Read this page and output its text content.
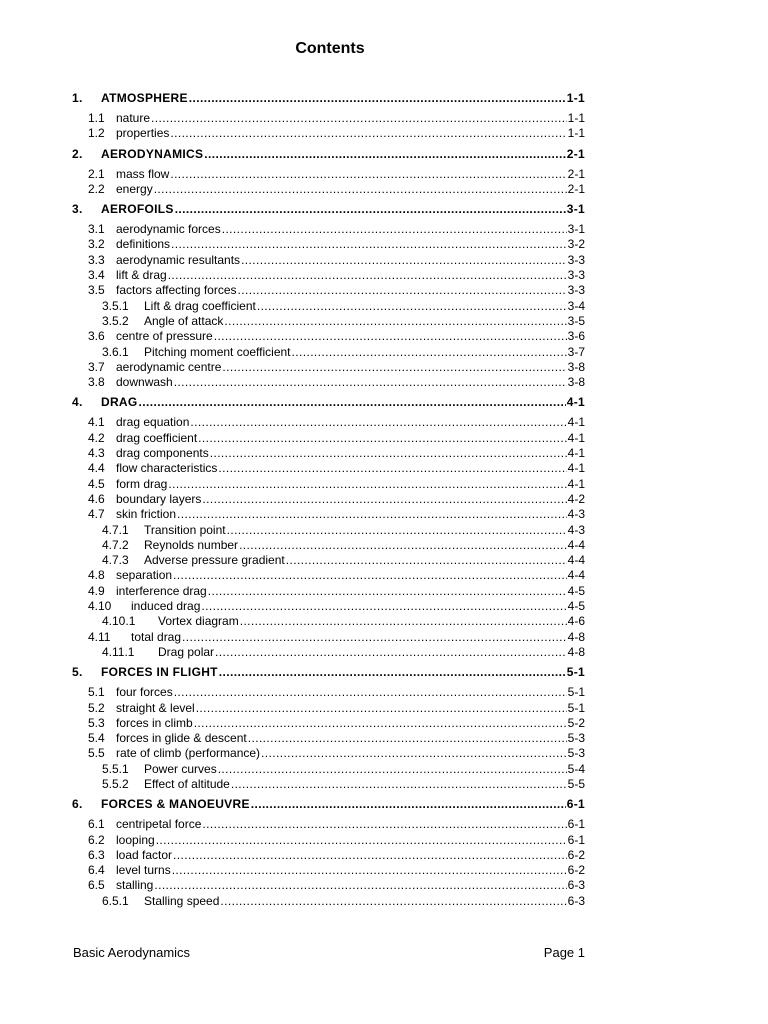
Contents
1.	ATMOSPHERE .....	1-1
1.1 nature .....	1-1
1.2 properties .....	1-1
2.	AERODYNAMICS .....	2-1
2.1 mass flow .....	2-1
2.2 energy .....	2-1
3.	AEROFOILS .....	3-1
3.1 aerodynamic forces .....	3-1
3.2 definitions .....	3-2
3.3 aerodynamic resultants .....	3-3
3.4 lift & drag .....	3-3
3.5 factors affecting forces .....	3-3
3.5.1	Lift & drag coefficient .....	3-4
3.5.2	Angle of attack .....	3-5
3.6 centre of pressure .....	3-6
3.6.1	Pitching moment coefficient .....	3-7
3.7 aerodynamic centre .....	3-8
3.8 downwash .....	3-8
4.	DRAG .....	4-1
4.1 drag equation .....	4-1
4.2 drag coefficient .....	4-1
4.3 drag components .....	4-1
4.4 flow characteristics .....	4-1
4.5 form drag .....	4-1
4.6 boundary layers .....	4-2
4.7 skin friction .....	4-3
4.7.1	Transition point .....	4-3
4.7.2	Reynolds number .....	4-4
4.7.3	Adverse pressure gradient .....	4-4
4.8 separation .....	4-4
4.9 interference drag .....	4-5
4.10	induced drag .....	4-5
4.10.1	Vortex diagram .....	4-6
4.11	total drag .....	4-8
4.11.1	Drag polar .....	4-8
5.	FORCES IN FLIGHT .....	5-1
5.1 four forces .....	5-1
5.2 straight & level .....	5-1
5.3 forces in climb .....	5-2
5.4 forces in glide & descent .....	5-3
5.5 rate of climb (performance) .....	5-3
5.5.1	Power curves .....	5-4
5.5.2	Effect of altitude .....	5-5
6.	FORCES & MANOEUVRE .....	6-1
6.1 centripetal force .....	6-1
6.2 looping .....	6-1
6.3 load factor .....	6-2
6.4 level turns .....	6-2
6.5 stalling .....	6-3
6.5.1	Stalling speed .....	6-3
Basic Aerodynamics	Page 1
